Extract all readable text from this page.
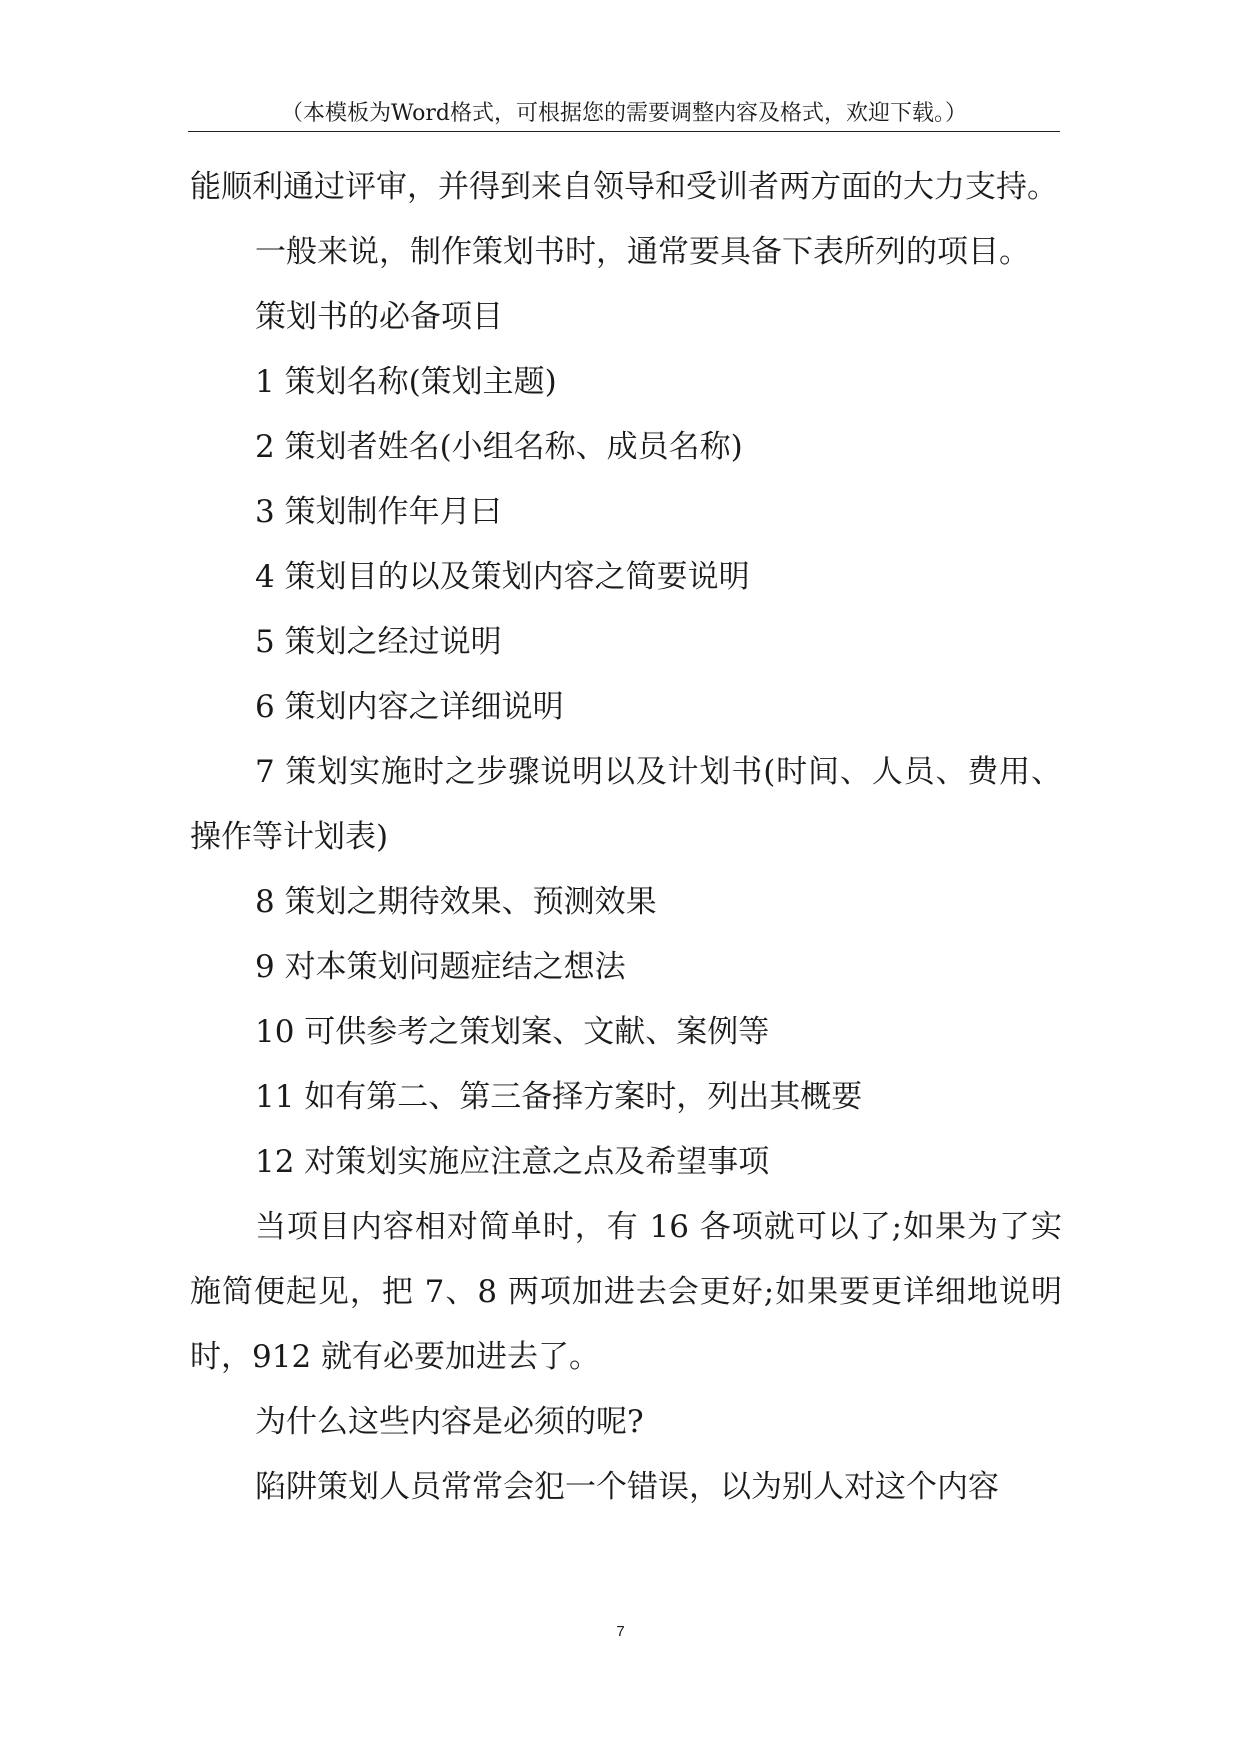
（本模板为Word格式，可根据您的需要调整内容及格式，欢迎下载。）

能顺利通过评审，并得到来自领导和受训者两方面的大力支持。

一般来说，制作策划书时，通常要具备下表所列的项目。

策划书的必备项目

1 策划名称(策划主题)

2 策划者姓名(小组名称、成员名称)

3 策划制作年月曰

4 策划目的以及策划内容之简要说明

5 策划之经过说明

6 策划内容之详细说明

7 策划实施时之步骤说明以及计划书(时间、人员、费用、操作等计划表)

8 策划之期待效果、预测效果

9 对本策划问题症结之想法

10 可供参考之策划案、文献、案例等

11 如有第二、第三备择方案时，列出其概要

12 对策划实施应注意之点及希望事项

当项目内容相对简单时，有 16 各项就可以了;如果为了实施简便起见，把 7、8 两项加进去会更好;如果要更详细地说明时，912 就有必要加进去了。

为什么这些内容是必须的呢?

陷阱策划人员常常会犯一个错误，以为别人对这个内容

7
